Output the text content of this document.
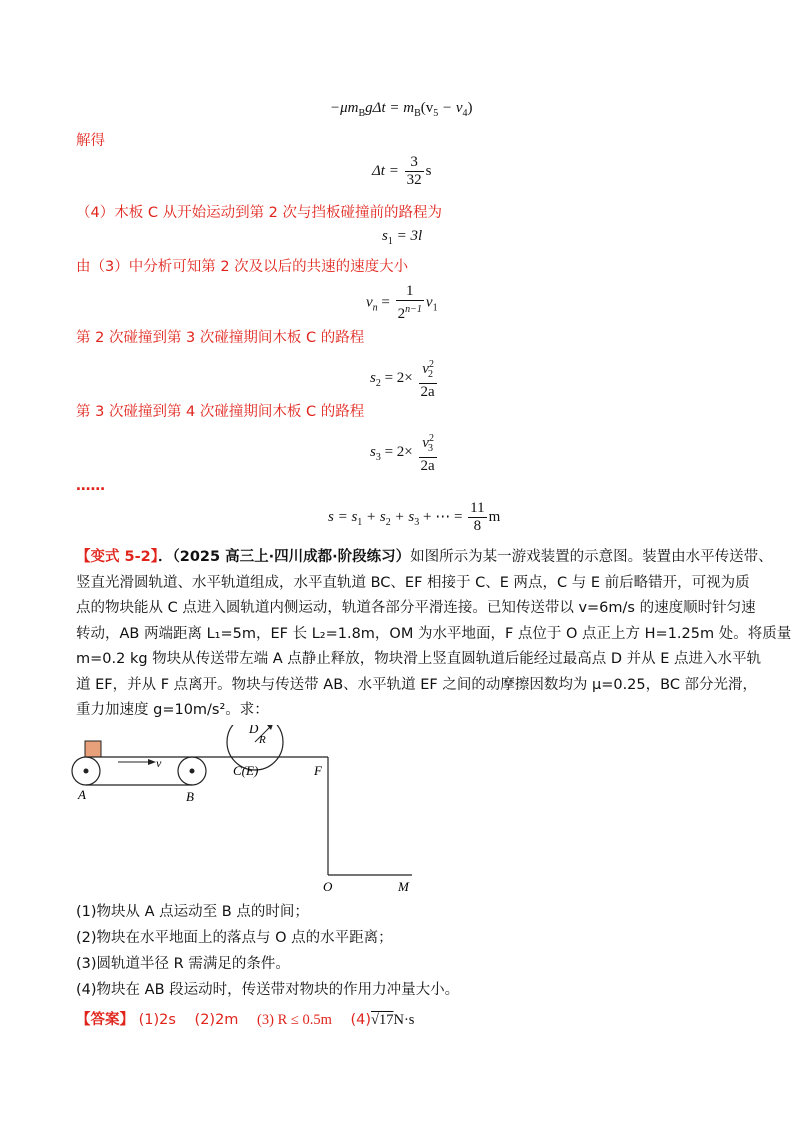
$-\mu m_Bg\Delta t = m_B(v_5 - v_4)$
解得
$\Delta t = \frac{3}{32}$ s
（4）木板 C 从开始运动到第 2 次与挡板碰撞前的路程为
$s_1 = 3l$
由（3）中分析可知第 2 次及以后的共速的速度大小
$v_n = \frac{1}{2^{n-1}} v_1$
第 2 次碰撞到第 3 次碰撞期间木板 C 的路程
$s_2 = 2\times \frac{v^2_2}{2a}$
第 3 次碰撞到第 4 次碰撞期间木板 C 的路程
$s_3 = 2\times \frac{v^2_3}{2a}$
……
$s = s_1 + s_2 + s_3$ + ⋯ = $\frac{11}{8}$ m
【变式 5-2】．（2025 高三上·四川成都·阶段练习）如图所示为某一游戏装置的示意图。装置由水平传送带、
竖直光滑圆轨道、水平轨道组成，水平直轨道 BC、EF 相接于 C、E 两点，C 与 E 前后略错开，可视为质
点的物块能从 C 点进入圆轨道内侧运动，轨道各部分平滑连接。已知传送带以 v=6m/s 的速度顺时针匀速
转动，AB 两端距离 L₁=5m，EF 长 L₂=1.8m，OM 为水平地面，F 点位于 O 点正上方 H=1.25m 处。将质量
m=0.2 kg 物块从传送带左端 A 点静止释放，物块滑上竖直圆轨道后能经过最高点 D 并从 E 点进入水平轨
道 EF，并从 F 点离开。物块与传送带 AB、水平轨道 EF 之间的动摩擦因数均为 μ=0.25，BC 部分光滑，
重力加速度 g=10m/s²。求：
A	B
C(E)	F
D
R
v
O	M
(1)物块从 A 点运动至 B 点的时间；
(2)物块在水平地面上的落点与 O 点的水平距离；
(3)圆轨道半径 R 需满足的条件。
(4)物块在 AB 段运动时，传送带对物块的作用力冲量大小。
【答案】 (1)2s (2)2m (3) R ≤ 0.5m (4)√17N·s
